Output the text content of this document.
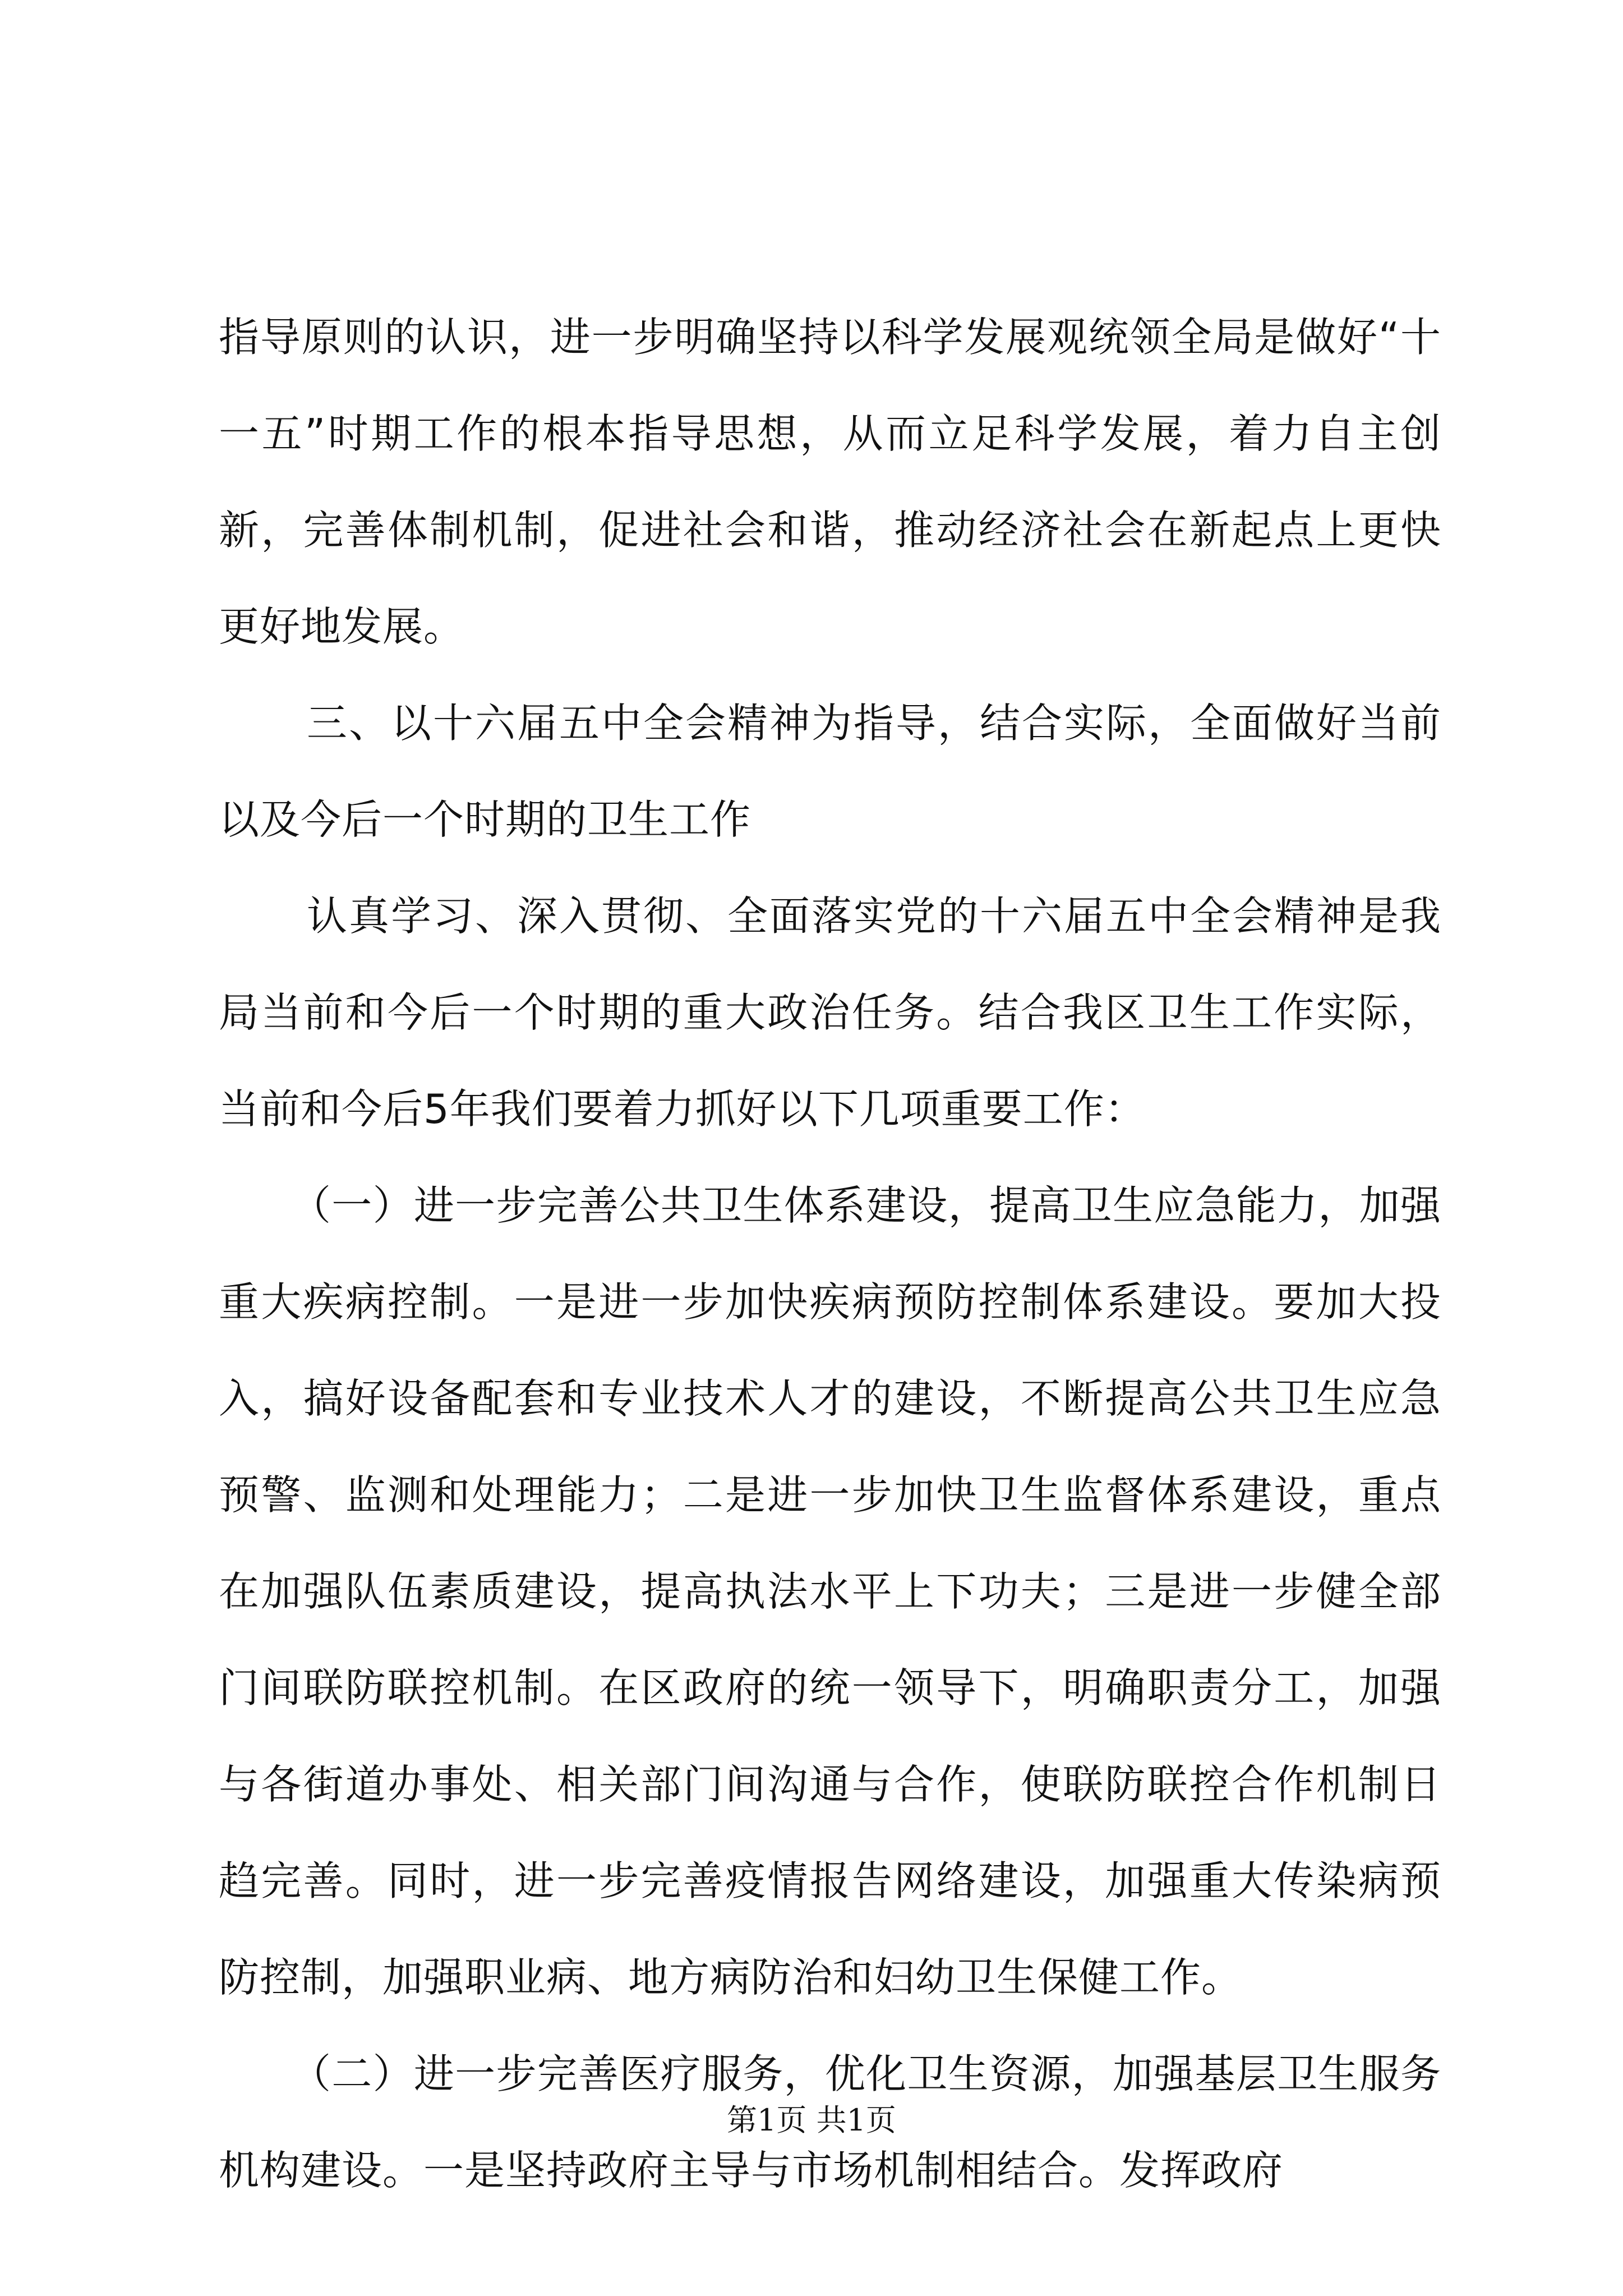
指导原则的认识，进一步明确坚持以科学发展观统领全局是做好“十一五”时期工作的根本指导思想，从而立足科学发展，着力自主创新，完善体制机制，促进社会和谐，推动经济社会在新起点上更快更好地发展。

三、以十六届五中全会精神为指导，结合实际，全面做好当前以及今后一个时期的卫生工作

认真学习、深入贯彻、全面落实党的十六届五中全会精神是我局当前和今后一个时期的重大政治任务。结合我区卫生工作实际，当前和今后5年我们要着力抓好以下几项重要工作：

（一）进一步完善公共卫生体系建设，提高卫生应急能力，加强重大疾病控制。一是进一步加快疾病预防控制体系建设。要加大投入，搞好设备配套和专业技术人才的建设，不断提高公共卫生应急预警、监测和处理能力；二是进一步加快卫生监督体系建设，重点在加强队伍素质建设，提高执法水平上下功夫；三是进一步健全部门间联防联控机制。在区政府的统一领导下，明确职责分工，加强与各街道办事处、相关部门间沟通与合作，使联防联控合作机制日趋完善。同时，进一步完善疫情报告网络建设，加强重大传染病预防控制，加强职业病、地方病防治和妇幼卫生保健工作。

（二）进一步完善医疗服务，优化卫生资源，加强基层卫生服务机构建设。一是坚持政府主导与市场机制相结合。发挥政府

第1页 共1页
